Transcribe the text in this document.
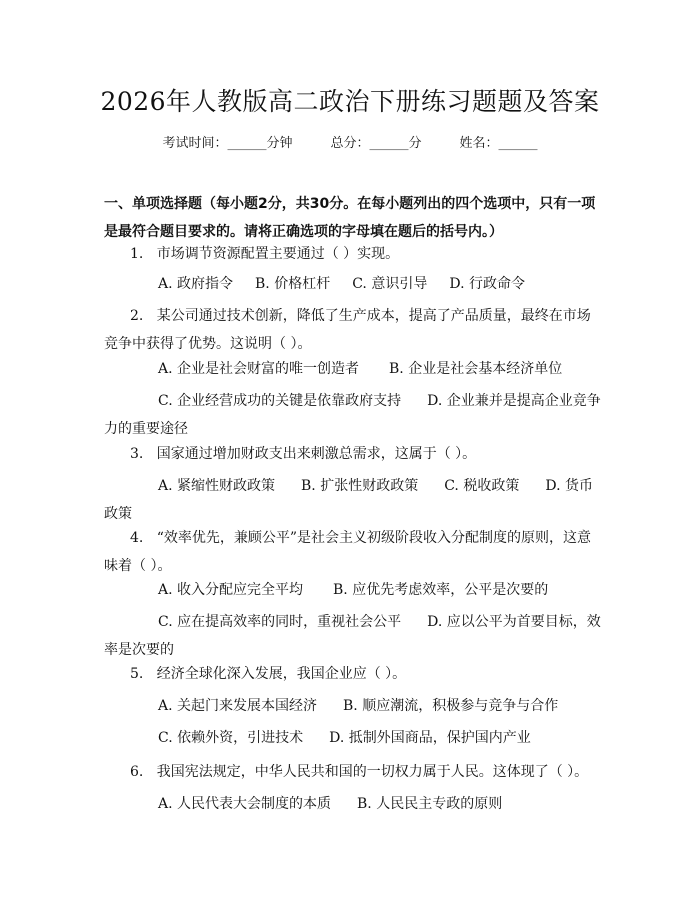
2026年人教版高二政治下册练习题题及答案
考试时间：______分钟	总分：______分	姓名：______
一、单项选择题（每小题2分，共30分。在每小题列出的四个选项中，只有一项是最符合题目要求的。请将正确选项的字母填在题后的括号内。）
1. 市场调节资源配置主要通过（ ）实现。
A. 政府指令 B. 价格杠杆 C. 意识引导 D. 行政命令
2. 某公司通过技术创新，降低了生产成本，提高了产品质量，最终在市场竞争中获得了优势。这说明（ ）。
A. 企业是社会财富的唯一创造者 B. 企业是社会基本经济单位
C. 企业经营成功的关键是依靠政府支持 D. 企业兼并是提高企业竞争力的重要途径
3. 国家通过增加财政支出来刺激总需求，这属于（ ）。
A. 紧缩性财政政策 B. 扩张性财政政策 C. 税收政策 D. 货币政策
4. “效率优先，兼顾公平”是社会主义初级阶段收入分配制度的原则，这意味着（ ）。
A. 收入分配应完全平均 B. 应优先考虑效率，公平是次要的
C. 应在提高效率的同时，重视社会公平 D. 应以公平为首要目标，效率是次要的
5. 经济全球化深入发展，我国企业应（ ）。
A. 关起门来发展本国经济 B. 顺应潮流，积极参与竞争与合作
C. 依赖外资，引进技术 D. 抵制外国商品，保护国内产业
6. 我国宪法规定，中华人民共和国的一切权力属于人民。这体现了（ ）。
A. 人民代表大会制度的本质 B. 人民民主专政的原则
